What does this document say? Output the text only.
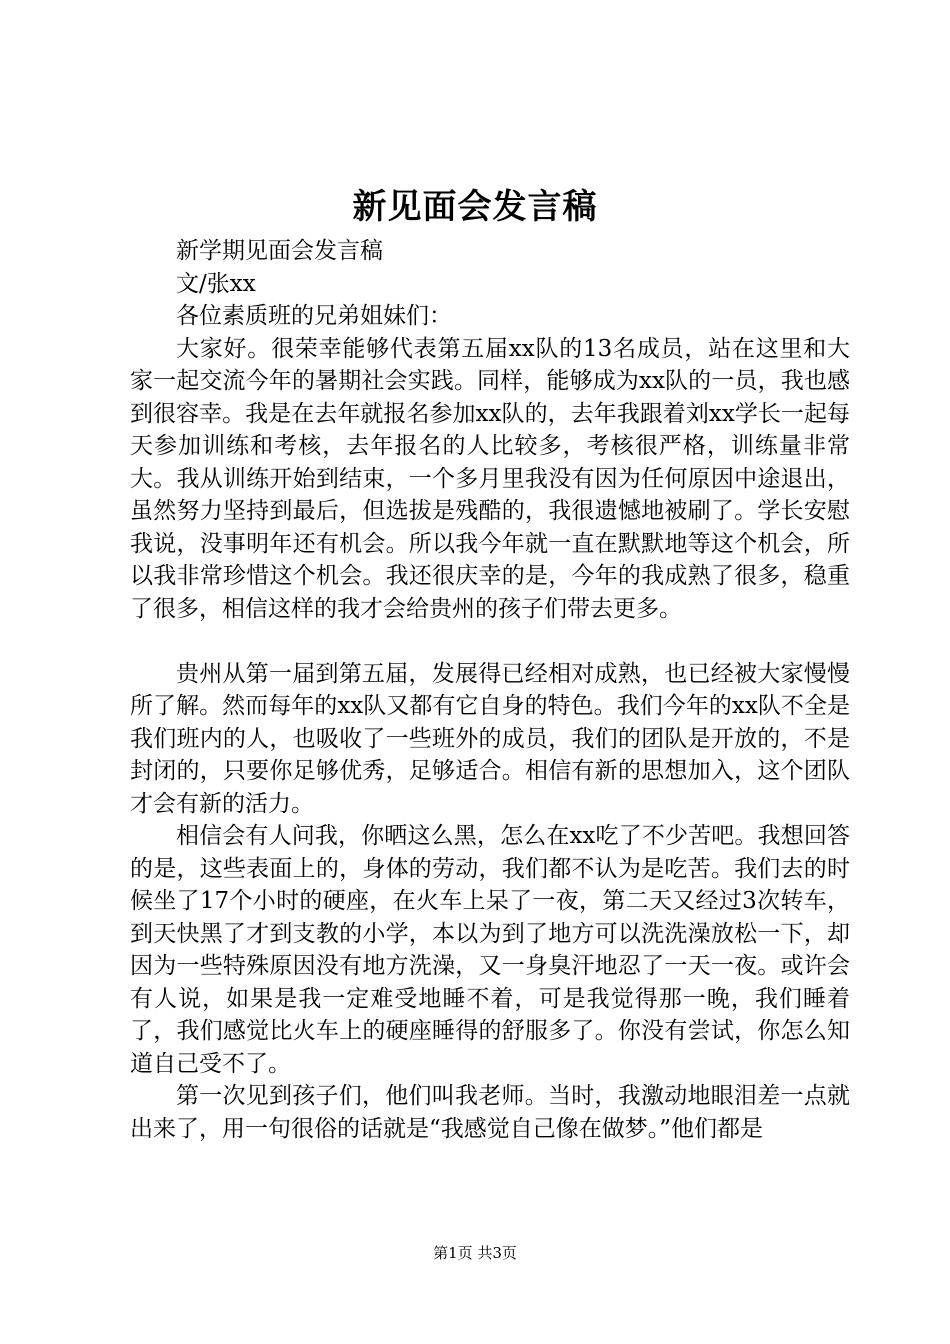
新见面会发言稿

新学期见面会发言稿

文/张xx

各位素质班的兄弟姐妹们：

大家好。很荣幸能够代表第五届xx队的13名成员，站在这里和大家一起交流今年的暑期社会实践。同样，能够成为xx队的一员，我也感到很容幸。我是在去年就报名参加xx队的，去年我跟着刘xx学长一起每天参加训练和考核，去年报名的人比较多，考核很严格，训练量非常大。我从训练开始到结束，一个多月里我没有因为任何原因中途退出，虽然努力坚持到最后，但选拔是残酷的，我很遗憾地被刷了。学长安慰我说，没事明年还有机会。所以我今年就一直在默默地等这个机会，所以我非常珍惜这个机会。我还很庆幸的是，今年的我成熟了很多，稳重了很多，相信这样的我才会给贵州的孩子们带去更多。

贵州从第一届到第五届，发展得已经相对成熟，也已经被大家慢慢所了解。然而每年的xx队又都有它自身的特色。我们今年的xx队不全是我们班内的人，也吸收了一些班外的成员，我们的团队是开放的，不是封闭的，只要你足够优秀，足够适合。相信有新的思想加入，这个团队才会有新的活力。

相信会有人问我，你晒这么黑，怎么在xx吃了不少苦吧。我想回答的是，这些表面上的，身体的劳动，我们都不认为是吃苦。我们去的时候坐了17个小时的硬座，在火车上呆了一夜，第二天又经过3次转车，到天快黑了才到支教的小学，本以为到了地方可以洗洗澡放松一下，却因为一些特殊原因没有地方洗澡，又一身臭汗地忍了一天一夜。或许会有人说，如果是我一定难受地睡不着，可是我觉得那一晚，我们睡着了，我们感觉比火车上的硬座睡得的舒服多了。你没有尝试，你怎么知道自己受不了。

第一次见到孩子们，他们叫我老师。当时，我激动地眼泪差一点就出来了，用一句很俗的话就是“我感觉自己像在做梦。”他们都是

第1页 共3页
